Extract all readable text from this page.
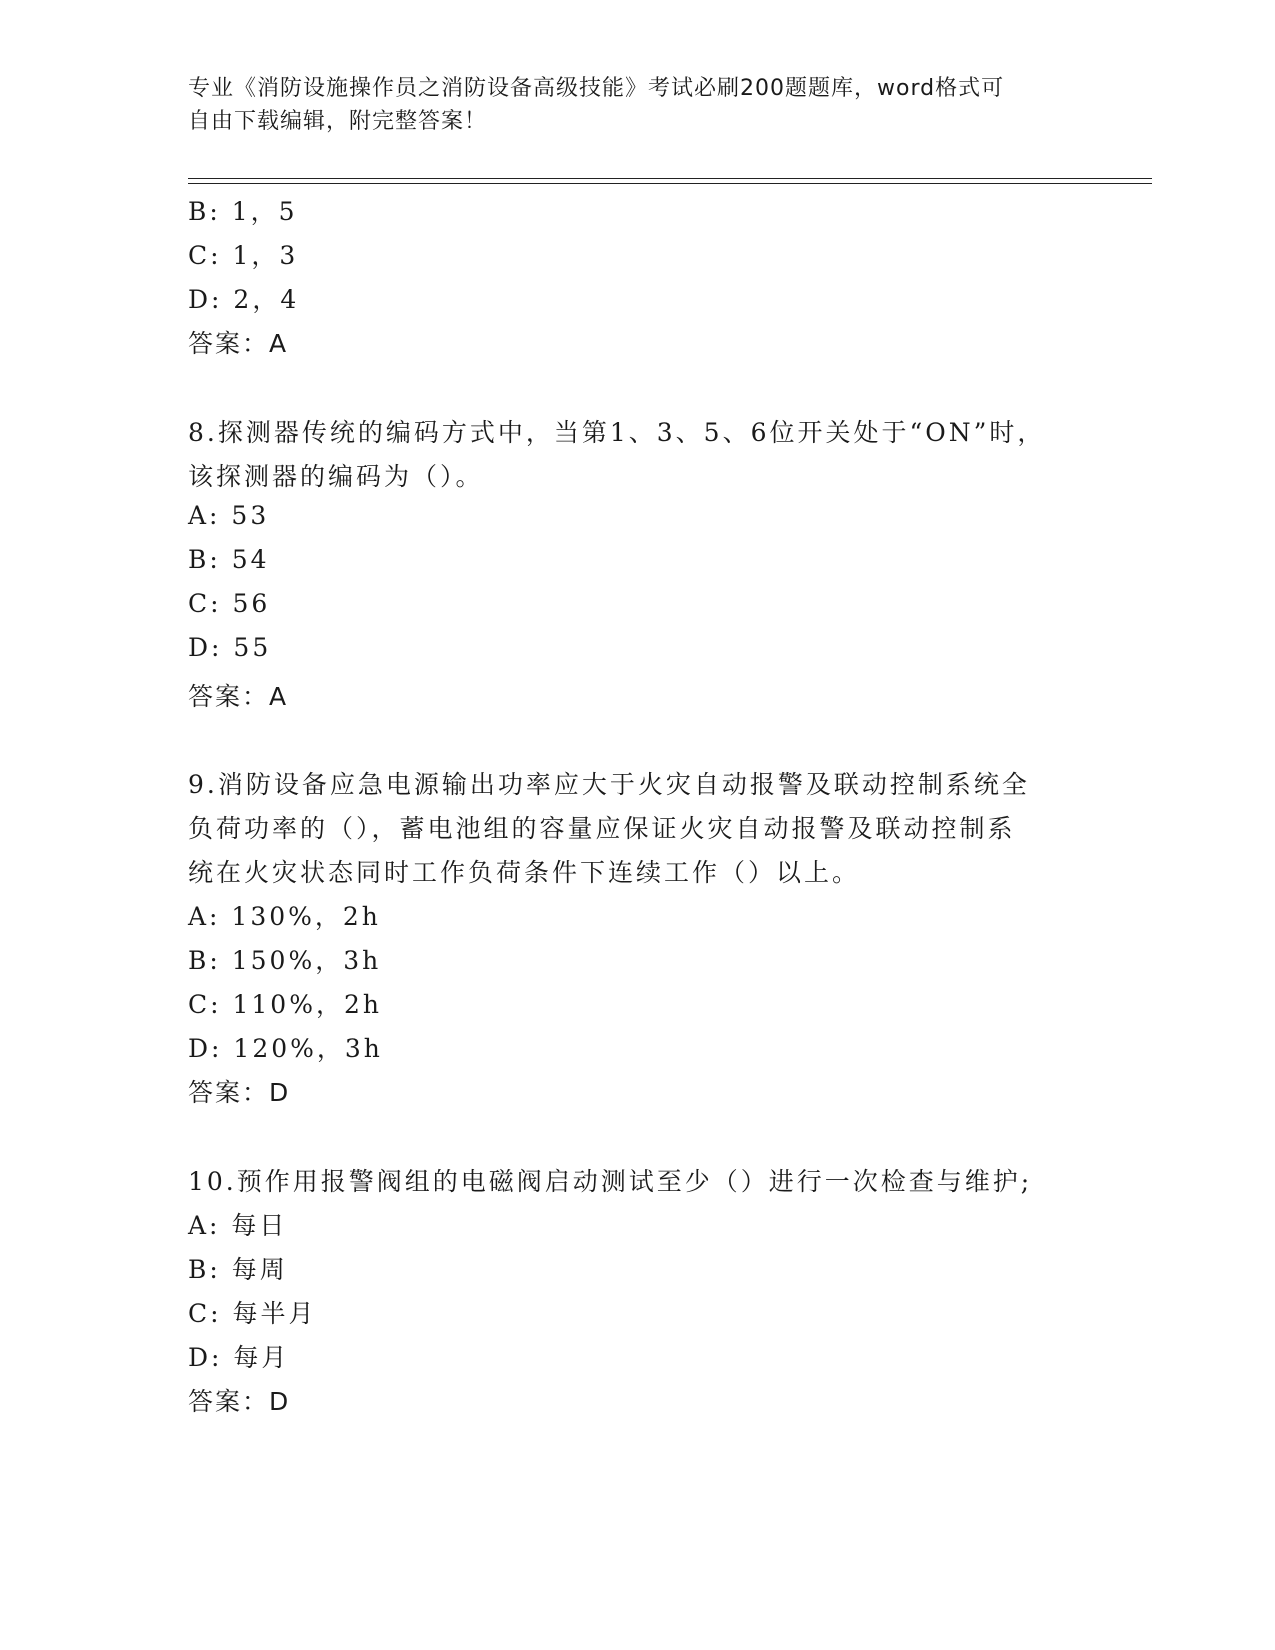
专业《消防设施操作员之消防设备高级技能》考试必刷200题题库，word格式可
自由下载编辑，附完整答案！
B: 1，5
C: 1，3
D: 2，4
答案：A
8.探测器传统的编码方式中，当第1、3、5、6位开关处于“ON”时，
该探测器的编码为（）。
A: 53
B: 54
C: 56
D: 55
答案：A
9.消防设备应急电源输出功率应大于火灾自动报警及联动控制系统全
负荷功率的（），蓄电池组的容量应保证火灾自动报警及联动控制系
统在火灾状态同时工作负荷条件下连续工作（）以上。
A: 130%，2h
B: 150%，3h
C: 110%，2h
D: 120%，3h
答案：D
10.预作用报警阀组的电磁阀启动测试至少（）进行一次检查与维护;
A: 每日
B: 每周
C: 每半月
D: 每月
答案：D
